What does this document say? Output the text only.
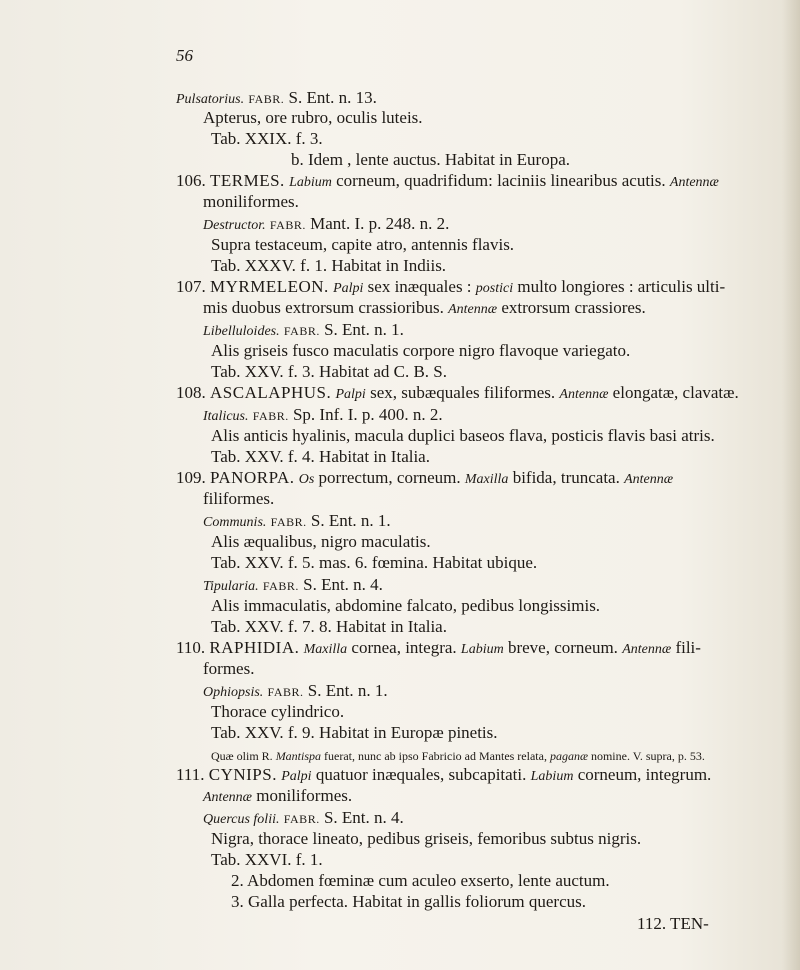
56
Pulsatorius. FABR. S. Ent. n. 13.
Apterus, ore rubro, oculis luteis.
Tab. XXIX. f. 3.
b. Idem , lente auctus. Habitat in Europa.
106. TERMES. Labium corneum, quadrifidum: laciniis linearibus acutis. Antennæ
moniliformes.
Destructor. FABR. Mant. I. p. 248. n. 2.
Supra testaceum, capite atro, antennis flavis.
Tab. XXXV. f. 1. Habitat in Indiis.
107. MYRMELEON. Palpi sex inæquales : postici multo longiores : articulis ulti-
mis duobus extrorsum crassioribus. Antennæ extrorsum crassiores.
Libelluloides. FABR. S. Ent. n. 1.
Alis griseis fusco maculatis corpore nigro flavoque variegato.
Tab. XXV. f. 3. Habitat ad C. B. S.
108. ASCALAPHUS. Palpi sex, subæquales filiformes. Antennæ elongatæ, clavatæ.
Italicus. FABR. Sp. Inf. I. p. 400. n. 2.
Alis anticis hyalinis, macula duplici baseos flava, posticis flavis basi atris.
Tab. XXV. f. 4. Habitat in Italia.
109. PANORPA. Os porrectum, corneum. Maxilla bifida, truncata. Antennæ
filiformes.
Communis. FABR. S. Ent. n. 1.
Alis æqualibus, nigro maculatis.
Tab. XXV. f. 5. mas. 6. fœmina. Habitat ubique.
Tipularia. FABR. S. Ent. n. 4.
Alis immaculatis, abdomine falcato, pedibus longissimis.
Tab. XXV. f. 7. 8. Habitat in Italia.
110. RAPHIDIA. Maxilla cornea, integra. Labium breve, corneum. Antennæ fili-
formes.
Ophiopsis. FABR. S. Ent. n. 1.
Thorace cylindrico.
Tab. XXV. f. 9. Habitat in Europæ pinetis.
Quæ olim R. Mantispa fuerat, nunc ab ipso Fabricio ad Mantes relata, paganæ nomine. V. supra, p. 53.
111. CYNIPS. Palpi quatuor inæquales, subcapitati. Labium corneum, integrum.
Antennæ moniliformes.
Quercus folii. FABR. S. Ent. n. 4.
Nigra, thorace lineato, pedibus griseis, femoribus subtus nigris.
Tab. XXVI. f. 1.
2. Abdomen fœminæ cum aculeo exserto, lente auctum.
3. Galla perfecta. Habitat in gallis foliorum quercus.
112. TEN-
